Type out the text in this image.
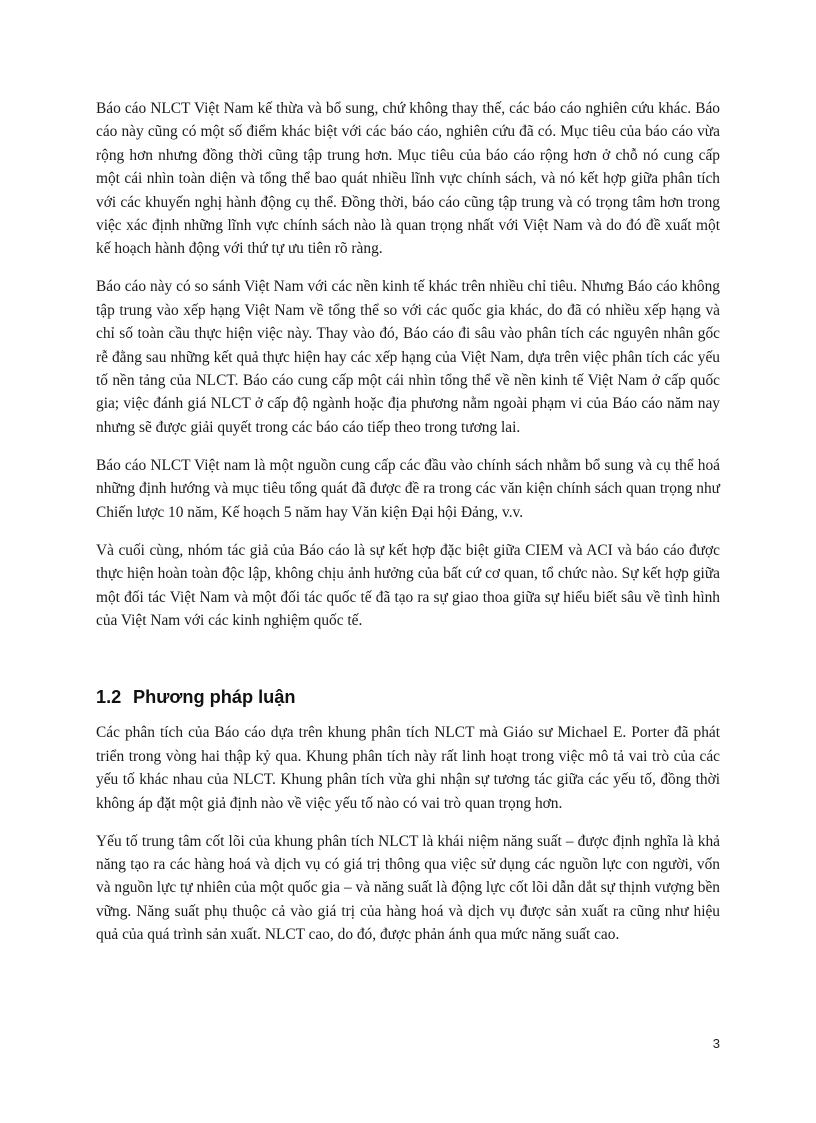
Báo cáo NLCT Việt Nam kế thừa và bổ sung, chứ không thay thế, các báo cáo nghiên cứu khác. Báo cáo này cũng có một số điểm khác biệt với các báo cáo, nghiên cứu đã có. Mục tiêu của báo cáo vừa rộng hơn nhưng đồng thời cũng tập trung hơn. Mục tiêu của báo cáo rộng hơn ở chỗ nó cung cấp một cái nhìn toàn diện và tổng thể bao quát nhiều lĩnh vực chính sách, và nó kết hợp giữa phân tích với các khuyến nghị hành động cụ thể. Đồng thời, báo cáo cũng tập trung và có trọng tâm hơn trong việc xác định những lĩnh vực chính sách nào là quan trọng nhất với Việt Nam và do đó đề xuất một kế hoạch hành động với thứ tự ưu tiên rõ ràng.

Báo cáo này có so sánh Việt Nam với các nền kinh tế khác trên nhiều chỉ tiêu. Nhưng Báo cáo không tập trung vào xếp hạng Việt Nam về tổng thể so với các quốc gia khác, do đã có nhiều xếp hạng và chỉ số toàn cầu thực hiện việc này. Thay vào đó, Báo cáo đi sâu vào phân tích các nguyên nhân gốc rễ đằng sau những kết quả thực hiện hay các xếp hạng của Việt Nam, dựa trên việc phân tích các yếu tố nền tảng của NLCT. Báo cáo cung cấp một cái nhìn tổng thể về nền kinh tế Việt Nam ở cấp quốc gia; việc đánh giá NLCT ở cấp độ ngành hoặc địa phương nằm ngoài phạm vi của Báo cáo năm nay nhưng sẽ được giải quyết trong các báo cáo tiếp theo trong tương lai.

Báo cáo NLCT Việt nam là một nguồn cung cấp các đầu vào chính sách nhằm bổ sung và cụ thể hoá những định hướng và mục tiêu tổng quát đã được đề ra trong các văn kiện chính sách quan trọng như Chiến lược 10 năm, Kế hoạch 5 năm hay Văn kiện Đại hội Đảng, v.v.

Và cuối cùng, nhóm tác giả của Báo cáo là sự kết hợp đặc biệt giữa CIEM và ACI và báo cáo được thực hiện hoàn toàn độc lập, không chịu ảnh hưởng của bất cứ cơ quan, tổ chức nào. Sự kết hợp giữa một đối tác Việt Nam và một đối tác quốc tế đã tạo ra sự giao thoa giữa sự hiểu biết sâu về tình hình của Việt Nam với các kinh nghiệm quốc tế.

1.2 Phương pháp luận

Các phân tích của Báo cáo dựa trên khung phân tích NLCT mà Giáo sư Michael E. Porter đã phát triển trong vòng hai thập kỷ qua. Khung phân tích này rất linh hoạt trong việc mô tả vai trò của các yếu tố khác nhau của NLCT. Khung phân tích vừa ghi nhận sự tương tác giữa các yếu tố, đồng thời không áp đặt một giả định nào về việc yếu tố nào có vai trò quan trọng hơn.

Yếu tố trung tâm cốt lõi của khung phân tích NLCT là khái niệm năng suất – được định nghĩa là khả năng tạo ra các hàng hoá và dịch vụ có giá trị thông qua việc sử dụng các nguồn lực con người, vốn và nguồn lực tự nhiên của một quốc gia – và năng suất là động lực cốt lõi dẫn dắt sự thịnh vượng bền vững. Năng suất phụ thuộc cả vào giá trị của hàng hoá và dịch vụ được sản xuất ra cũng như hiệu quả của quá trình sản xuất. NLCT cao, do đó, được phản ánh qua mức năng suất cao.

3
